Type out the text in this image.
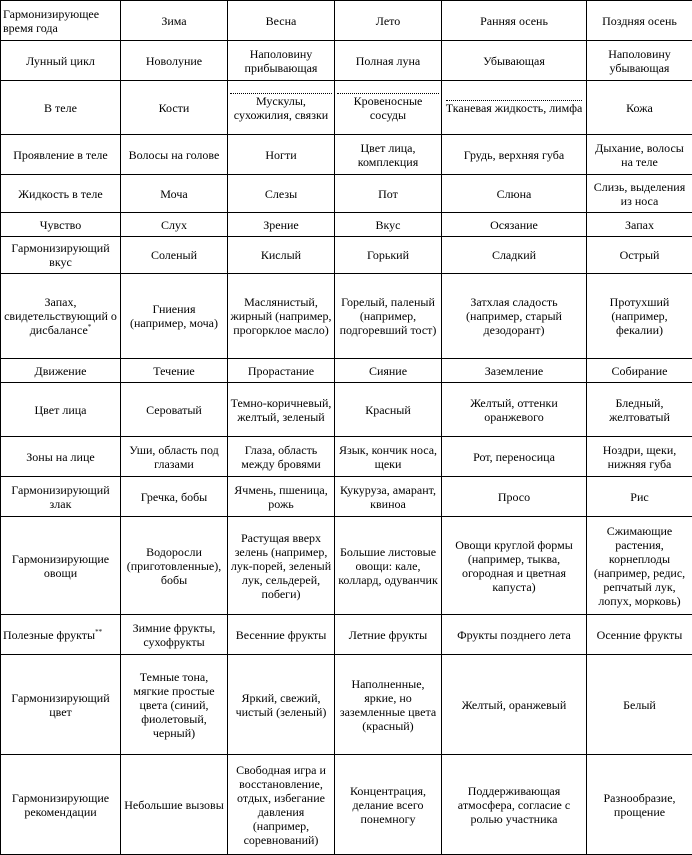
Гармонизирующее время года	Зима	Весна	Лето	Ранняя осень	Поздняя осень
Лунный цикл	Новолуние	Наполовину прибывающая	Полная луна	Убывающая	Наполовину убывающая
В теле	Кости	Мускулы, сухожилия, связки	Кровеносные сосуды	Тканевая жидкость, лимфа	Кожа
Проявление в теле	Волосы на голове	Ногти	Цвет лица, комплекция	Грудь, верхняя губа	Дыхание, волосы на теле
Жидкость в теле	Моча	Слезы	Пот	Слюна	Слизь, выделения из носа
Чувство	Слух	Зрение	Вкус	Осязание	Запах
Гармонизирующий вкус	Соленый	Кислый	Горький	Сладкий	Острый
Запах, свидетельствующий о дисбалансе*	Гниения (например, моча)	Маслянистый, жирный (например, прогорклое масло)	Горелый, паленый (например, подгоревший тост)	Затхлая сладость (например, старый дезодорант)	Протухший (например, фекалии)
Движение	Течение	Прорастание	Сияние	Заземление	Собирание
Цвет лица	Сероватый	Темно-коричневый, желтый, зеленый	Красный	Желтый, оттенки оранжевого	Бледный, желтоватый
Зоны на лице	Уши, область под глазами	Глаза, область между бровями	Язык, кончик носа, щеки	Рот, переносица	Ноздри, щеки, нижняя губа
Гармонизирующий злак	Гречка, бобы	Ячмень, пшеница, рожь	Кукуруза, амарант, квиноа	Просо	Рис
Гармонизирующие овощи	Водоросли (приготовленные), бобы	Растущая вверх зелень (например, лук-порей, зеленый лук, сельдерей, побеги)	Большие листовые овощи: кале, коллард, одуванчик	Овощи круглой формы (например, тыква, огородная и цветная капуста)	Сжимающие растения, корнеплоды (например, редис, репчатый лук, лопух, морковь)
Полезные фрукты**	Зимние фрукты, сухофрукты	Весенние фрукты	Летние фрукты	Фрукты позднего лета	Осенние фрукты
Гармонизирующий цвет	Темные тона, мягкие простые цвета (синий, фиолетовый, черный)	Яркий, свежий, чистый (зеленый)	Наполненные, яркие, но заземленные цвета (красный)	Желтый, оранжевый	Белый
Гармонизирующие рекомендации	Небольшие вызовы	Свободная игра и восстановление, отдых, избегание давления (например, соревнований)	Концентрация, делание всего понемногу	Поддерживающая атмосфера, согласие с ролью участника	Разнообразие, прощение
